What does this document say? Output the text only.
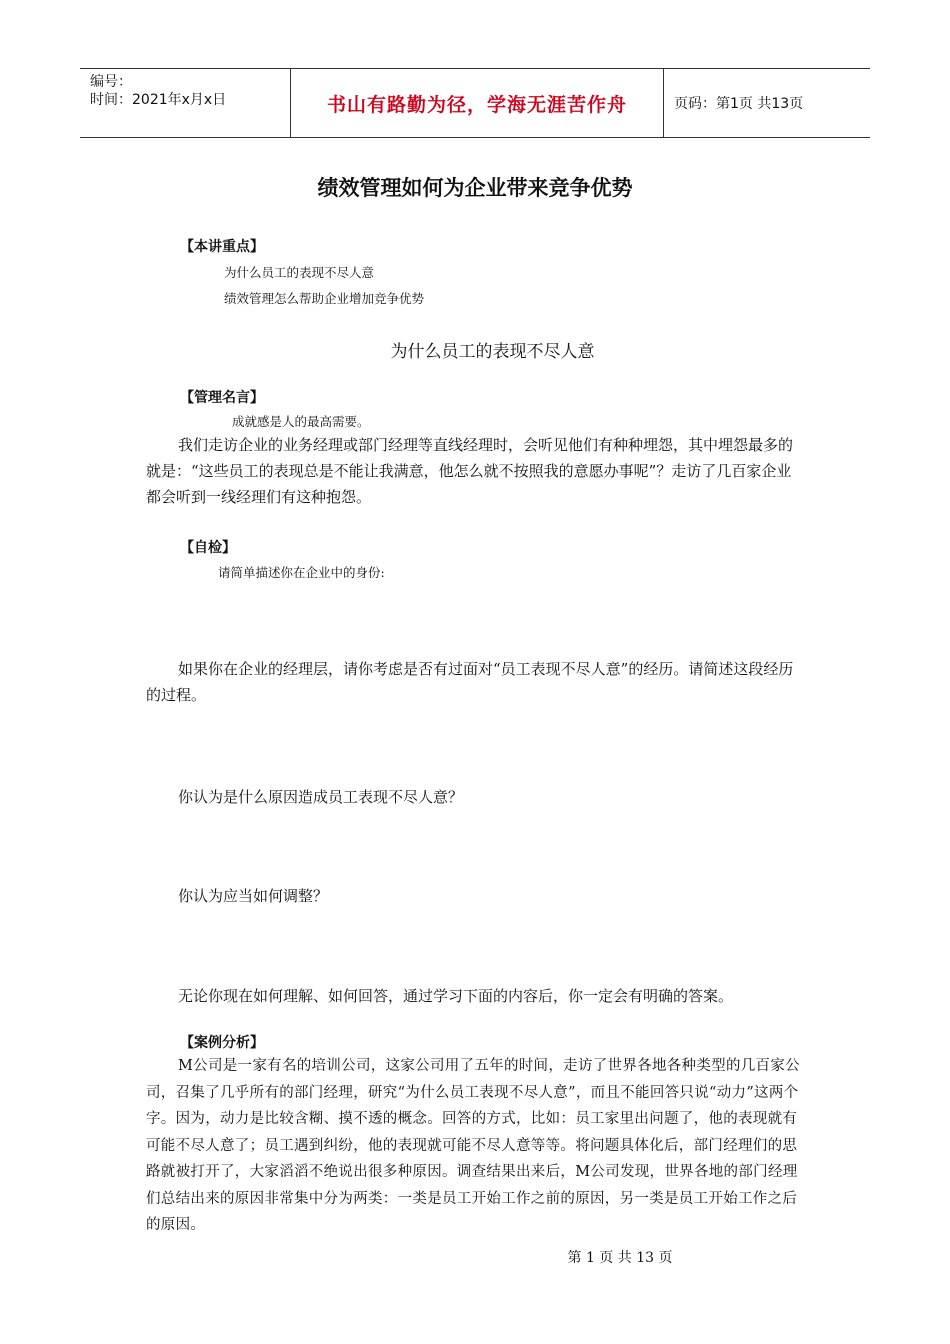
编号：
时间：2021年x月x日	书山有路勤为径，学海无涯苦作舟	页码：第1页 共13页
绩效管理如何为企业带来竞争优势
【本讲重点】
为什么员工的表现不尽人意
绩效管理怎么帮助企业增加竞争优势
为什么员工的表现不尽人意
【管理名言】
成就感是人的最高需要。

我们走访企业的业务经理或部门经理等直线经理时，会听见他们有种种埋怨，其中埋怨最多的就是：“这些员工的表现总是不能让我满意，他怎么就不按照我的意愿办事呢”？走访了几百家企业都会听到一线经理们有这种抱怨。

【自检】
请简单描述你在企业中的身份:

如果你在企业的经理层，请你考虑是否有过面对“员工表现不尽人意”的经历。请简述这段经历的过程。

你认为是什么原因造成员工表现不尽人意？
你认为应当如何调整？
无论你现在如何理解、如何回答，通过学习下面的内容后，你一定会有明确的答案。
【案例分析】

M公司是一家有名的培训公司，这家公司用了五年的时间，走访了世界各地各种类型的几百家公司，召集了几乎所有的部门经理，研究“为什么员工表现不尽人意”，而且不能回答只说“动力”这两个字。因为，动力是比较含糊、摸不透的概念。回答的方式，比如：员工家里出问题了，他的表现就有可能不尽人意了；员工遇到纠纷，他的表现就可能不尽人意等等。将问题具体化后，部门经理们的思路就被打开了，大家滔滔不绝说出很多种原因。调查结果出来后，M公司发现，世界各地的部门经理们总结出来的原因非常集中分为两类：一类是员工开始工作之前的原因，另一类是员工开始工作之后的原因。

第 1 页 共 13 页
